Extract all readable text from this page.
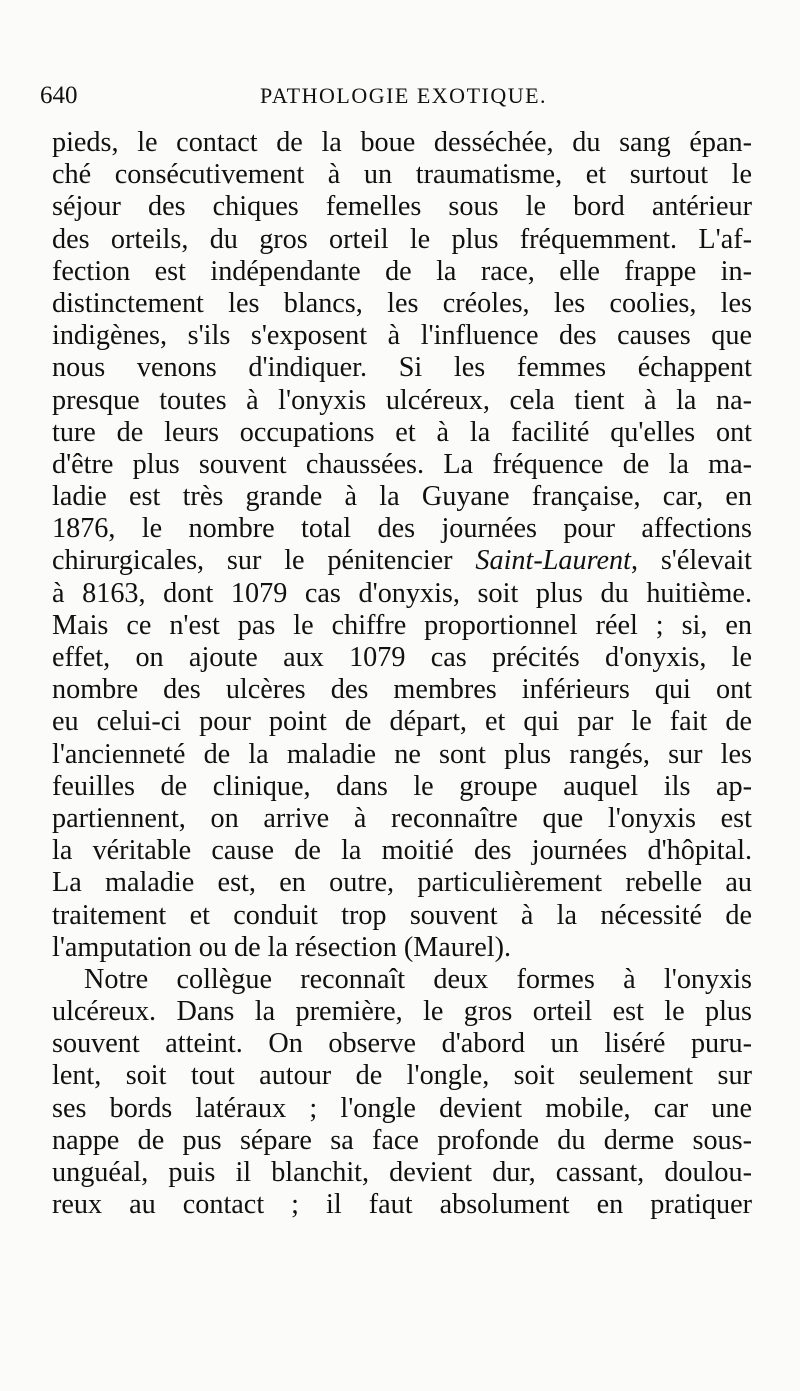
640	PATHOLOGIE EXOTIQUE.
pieds, le contact de la boue desséchée, du sang épan-
ché consécutivement à un traumatisme, et surtout le
séjour des chiques femelles sous le bord antérieur
des orteils, du gros orteil le plus fréquemment. L'af-
fection est indépendante de la race, elle frappe in-
distinctement les blancs, les créoles, les coolies, les
indigènes, s'ils s'exposent à l'influence des causes que
nous venons d'indiquer. Si les femmes échappent
presque toutes à l'onyxis ulcéreux, cela tient à la na-
ture de leurs occupations et à la facilité qu'elles ont
d'être plus souvent chaussées. La fréquence de la ma-
ladie est très grande à la Guyane française, car, en
1876, le nombre total des journées pour affections
chirurgicales, sur le pénitencier Saint-Laurent, s'élevait
à 8163, dont 1079 cas d'onyxis, soit plus du huitième.
Mais ce n'est pas le chiffre proportionnel réel ; si, en
effet, on ajoute aux 1079 cas précités d'onyxis, le
nombre des ulcères des membres inférieurs qui ont
eu celui-ci pour point de départ, et qui par le fait de
l'ancienneté de la maladie ne sont plus rangés, sur les
feuilles de clinique, dans le groupe auquel ils ap-
partiennent, on arrive à reconnaître que l'onyxis est
la véritable cause de la moitié des journées d'hôpital.
La maladie est, en outre, particulièrement rebelle au
traitement et conduit trop souvent à la nécessité de
l'amputation ou de la résection (Maurel).
Notre collègue reconnaît deux formes à l'onyxis
ulcéreux. Dans la première, le gros orteil est le plus
souvent atteint. On observe d'abord un liséré puru-
lent, soit tout autour de l'ongle, soit seulement sur
ses bords latéraux ; l'ongle devient mobile, car une
nappe de pus sépare sa face profonde du derme sous-
unguéal, puis il blanchit, devient dur, cassant, doulou-
reux au contact ; il faut absolument en pratiquer
